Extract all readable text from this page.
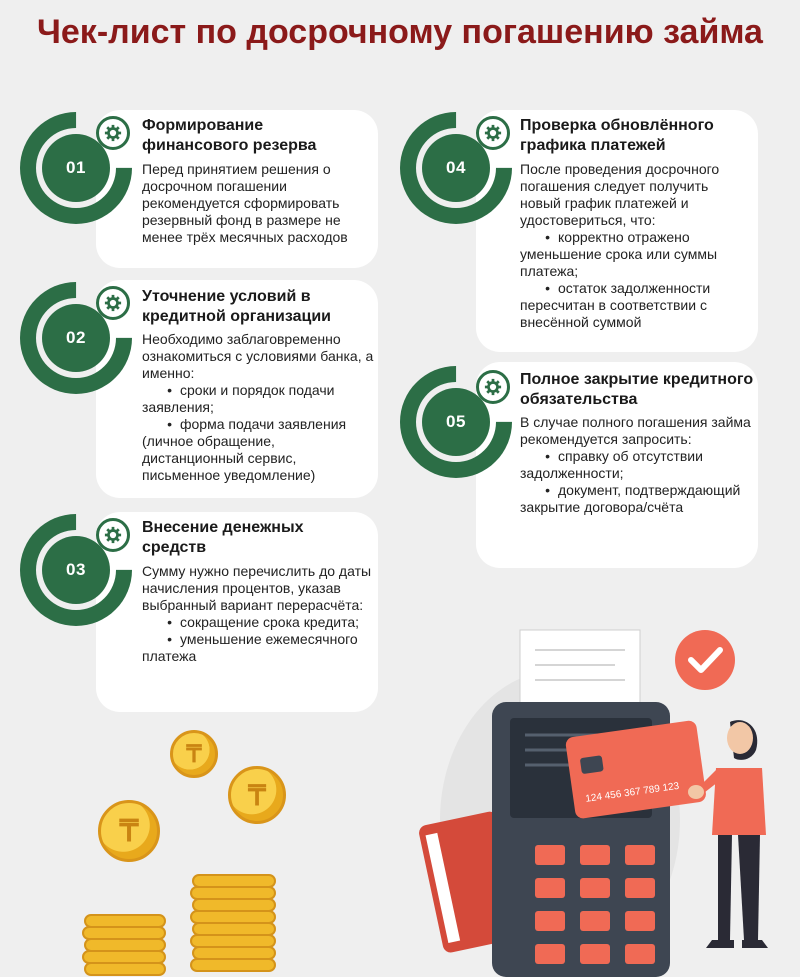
Чек-лист по досрочному погашению займа
01
Формирование финансового резерва

Перед принятием решения о досрочном погашении рекомендуется сформировать резервный фонд в размере не менее трёх месячных расходов

02
Уточнение условий в кредитной организации

Необходимо заблаговременно ознакомиться с условиями банка, а именно:

• сроки и порядок подачи заявления;
• форма подачи заявления (личное обращение, дистанционный сервис, письменное уведомление)
03
Внесение денежных средств

Сумму нужно перечислить до даты начисления процентов, указав выбранный вариант перерасчёта:

• сокращение срока кредита;
• уменьшение ежемесячного платежа
04
Проверка обновлённого графика платежей

После проведения досрочного погашения следует получить новый график платежей и удостовериться, что:

• корректно отражено уменьшение срока или суммы платежа;
• остаток задолженности пересчитан в соответствии с внесённой суммой
05
Полное закрытие кредитного обязательства

В случае полного погашения займа рекомендуется запросить:

• справку об отсутствии задолженности;
• документ, подтверждающий закрытие договора/счёта
₸
₸
₸
124 456 367 789 123
